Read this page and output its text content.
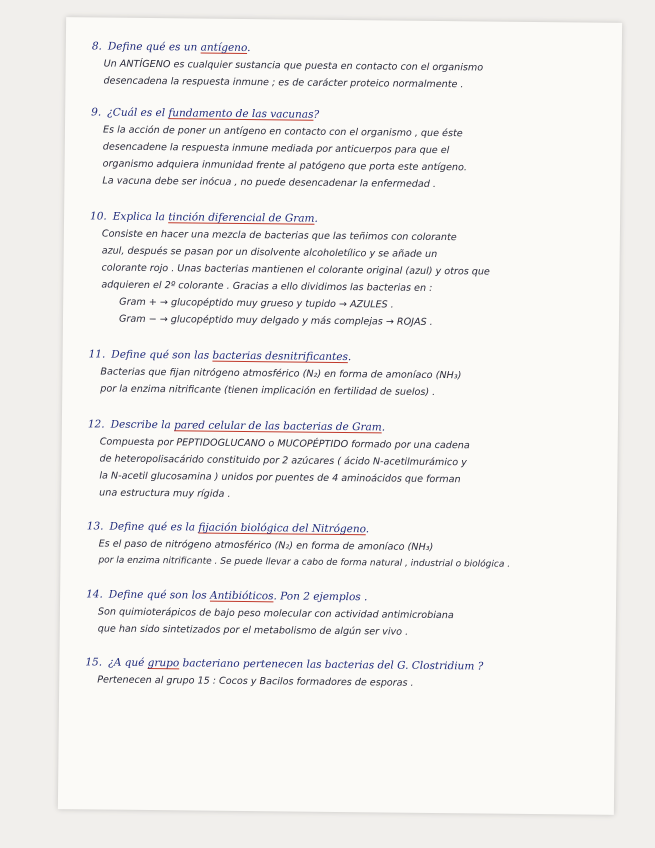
8. Define qué es un antígeno.
Un ANTÍGENO es cualquier sustancia que puesta en contacto con el organismo
desencadena la respuesta inmune ; es de carácter proteico normalmente .
9. ¿Cuál es el fundamento de las vacunas?
Es la acción de poner un antígeno en contacto con el organismo , que éste
desencadene la respuesta inmune mediada por anticuerpos para que el
organismo adquiera inmunidad frente al patógeno que porta este antígeno.
La vacuna debe ser inócua , no puede desencadenar la enfermedad .
10. Explica la tinción diferencial de Gram.
Consiste en hacer una mezcla de bacterias que las teñimos con colorante
azul, después se pasan por un disolvente alcoholetílico y se añade un
colorante rojo . Unas bacterias mantienen el colorante original (azul) y otros que
adquieren el 2º colorante . Gracias a ello dividimos las bacterias en :
Gram + → glucopéptido muy grueso y tupido → AZULES .
Gram − → glucopéptido muy delgado y más complejas → ROJAS .
11. Define qué son las bacterias desnitrificantes.
Bacterias que fijan nitrógeno atmosférico (N₂) en forma de amoníaco (NH₃)
por la enzima nitrificante (tienen implicación en fertilidad de suelos) .
12. Describe la pared celular de las bacterias de Gram.
Compuesta por PEPTIDOGLUCANO o MUCOPÉPTIDO formado por una cadena
de heteropolisacárido constituido por 2 azúcares ( ácido N-acetilmurámico y
la N-acetil glucosamina ) unidos por puentes de 4 aminoácidos que forman
una estructura muy rígida .
13. Define qué es la fijación biológica del Nitrógeno.
Es el paso de nitrógeno atmosférico (N₂) en forma de amoníaco (NH₃)
por la enzima nitrificante . Se puede llevar a cabo de forma natural , industrial o biológica .
14. Define qué son los Antibióticos. Pon 2 ejemplos .
Son quimioterápicos de bajo peso molecular con actividad antimicrobiana
que han sido sintetizados por el metabolismo de algún ser vivo .
15. ¿A qué grupo bacteriano pertenecen las bacterias del G. Clostridium ?
Pertenecen al grupo 15 : Cocos y Bacilos formadores de esporas .
